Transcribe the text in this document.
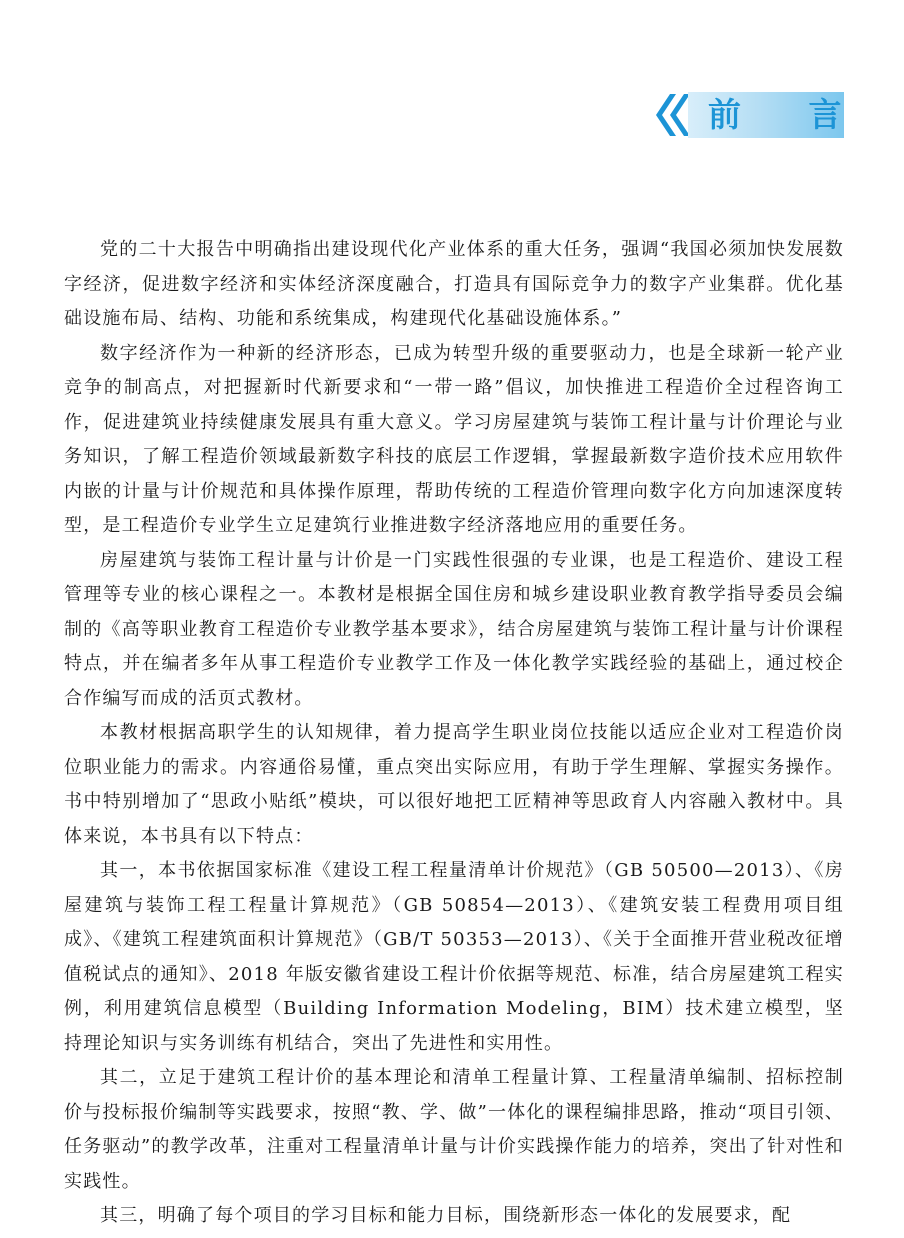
前 言

党的二十大报告中明确指出建设现代化产业体系的重大任务，强调“我国必须加快发展数字经济，促进数字经济和实体经济深度融合，打造具有国际竞争力的数字产业集群。优化基础设施布局、结构、功能和系统集成，构建现代化基础设施体系。”

数字经济作为一种新的经济形态，已成为转型升级的重要驱动力，也是全球新一轮产业竞争的制高点，对把握新时代新要求和“一带一路”倡议，加快推进工程造价全过程咨询工作，促进建筑业持续健康发展具有重大意义。学习房屋建筑与装饰工程计量与计价理论与业务知识，了解工程造价领域最新数字科技的底层工作逻辑，掌握最新数字造价技术应用软件内嵌的计量与计价规范和具体操作原理，帮助传统的工程造价管理向数字化方向加速深度转型，是工程造价专业学生立足建筑行业推进数字经济落地应用的重要任务。

房屋建筑与装饰工程计量与计价是一门实践性很强的专业课，也是工程造价、建设工程管理等专业的核心课程之一。本教材是根据全国住房和城乡建设职业教育教学指导委员会编制的《高等职业教育工程造价专业教学基本要求》，结合房屋建筑与装饰工程计量与计价课程特点，并在编者多年从事工程造价专业教学工作及一体化教学实践经验的基础上，通过校企合作编写而成的活页式教材。

本教材根据高职学生的认知规律，着力提高学生职业岗位技能以适应企业对工程造价岗位职业能力的需求。内容通俗易懂，重点突出实际应用，有助于学生理解、掌握实务操作。书中特别增加了“思政小贴纸”模块，可以很好地把工匠精神等思政育人内容融入教材中。具体来说，本书具有以下特点：

其一，本书依据国家标准《建设工程工程量清单计价规范》（GB 50500—2013）、《房屋建筑与装饰工程工程量计算规范》（GB 50854—2013）、《建筑安装工程费用项目组成》、《建筑工程建筑面积计算规范》（GB/T 50353—2013）、《关于全面推开营业税改征增值税试点的通知》、2018 年版安徽省建设工程计价依据等规范、标准，结合房屋建筑工程实例，利用建筑信息模型（Building Information Modeling，BIM）技术建立模型，坚持理论知识与实务训练有机结合，突出了先进性和实用性。

其二，立足于建筑工程计价的基本理论和清单工程量计算、工程量清单编制、招标控制价与投标报价编制等实践要求，按照“教、学、做”一体化的课程编排思路，推动“项目引领、任务驱动”的教学改革，注重对工程量清单计量与计价实践操作能力的培养，突出了针对性和实践性。

其三，明确了每个项目的学习目标和能力目标，围绕新形态一体化的发展要求，配
